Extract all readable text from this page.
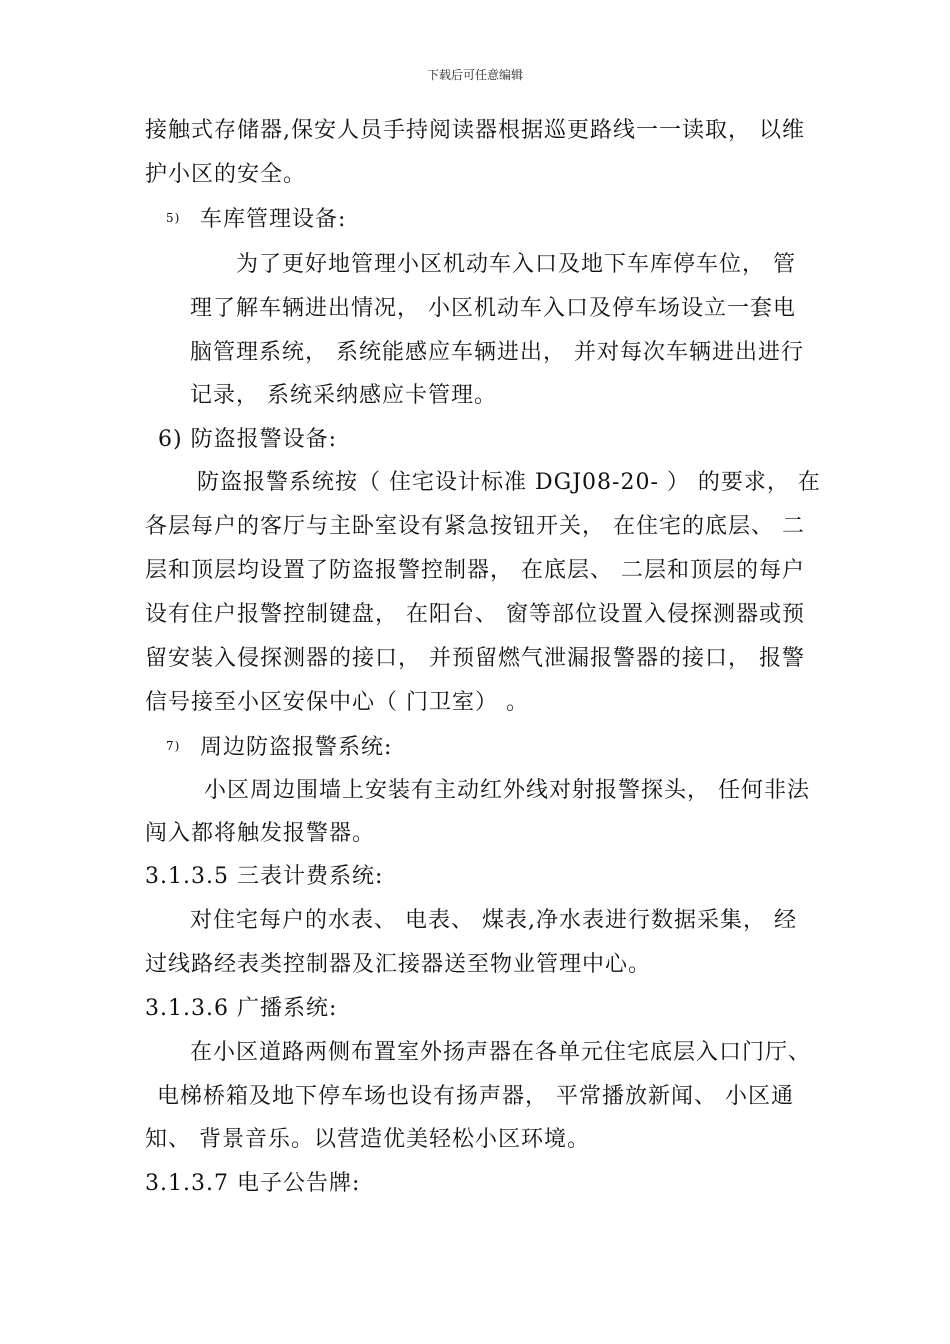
下载后可任意编辑
接触式存储器,保安人员手持阅读器根据巡更路线一一读取， 以维
护小区的安全。
5) 车库管理设备:
为了更好地管理小区机动车入口及地下车库停车位， 管
理了解车辆进出情况， 小区机动车入口及停车场设立一套电
脑管理系统， 系统能感应车辆进出， 并对每次车辆进出进行
记录， 系统采纳感应卡管理。
6) 防盗报警设备:
防盗报警系统按（ 住宅设计标准 DGJ08-20- ） 的要求， 在
各层每户的客厅与主卧室设有紧急按钮开关， 在住宅的底层、 二
层和顶层均设置了防盗报警控制器， 在底层、 二层和顶层的每户
设有住户报警控制键盘， 在阳台、 窗等部位设置入侵探测器或预
留安装入侵探测器的接口， 并预留燃气泄漏报警器的接口， 报警
信号接至小区安保中心（ 门卫室） 。
7) 周边防盗报警系统:
小区周边围墙上安装有主动红外线对射报警探头， 任何非法
闯入都将触发报警器。
3.1.3.5 三表计费系统:
对住宅每户的水表、 电表、 煤表,净水表进行数据采集， 经
过线路经表类控制器及汇接器送至物业管理中心。
3.1.3.6 广播系统:
在小区道路两侧布置室外扬声器在各单元住宅底层入口门厅、
电梯桥箱及地下停车场也设有扬声器， 平常播放新闻、 小区通
知、 背景音乐。以营造优美轻松小区环境。
3.1.3.7 电子公告牌:
